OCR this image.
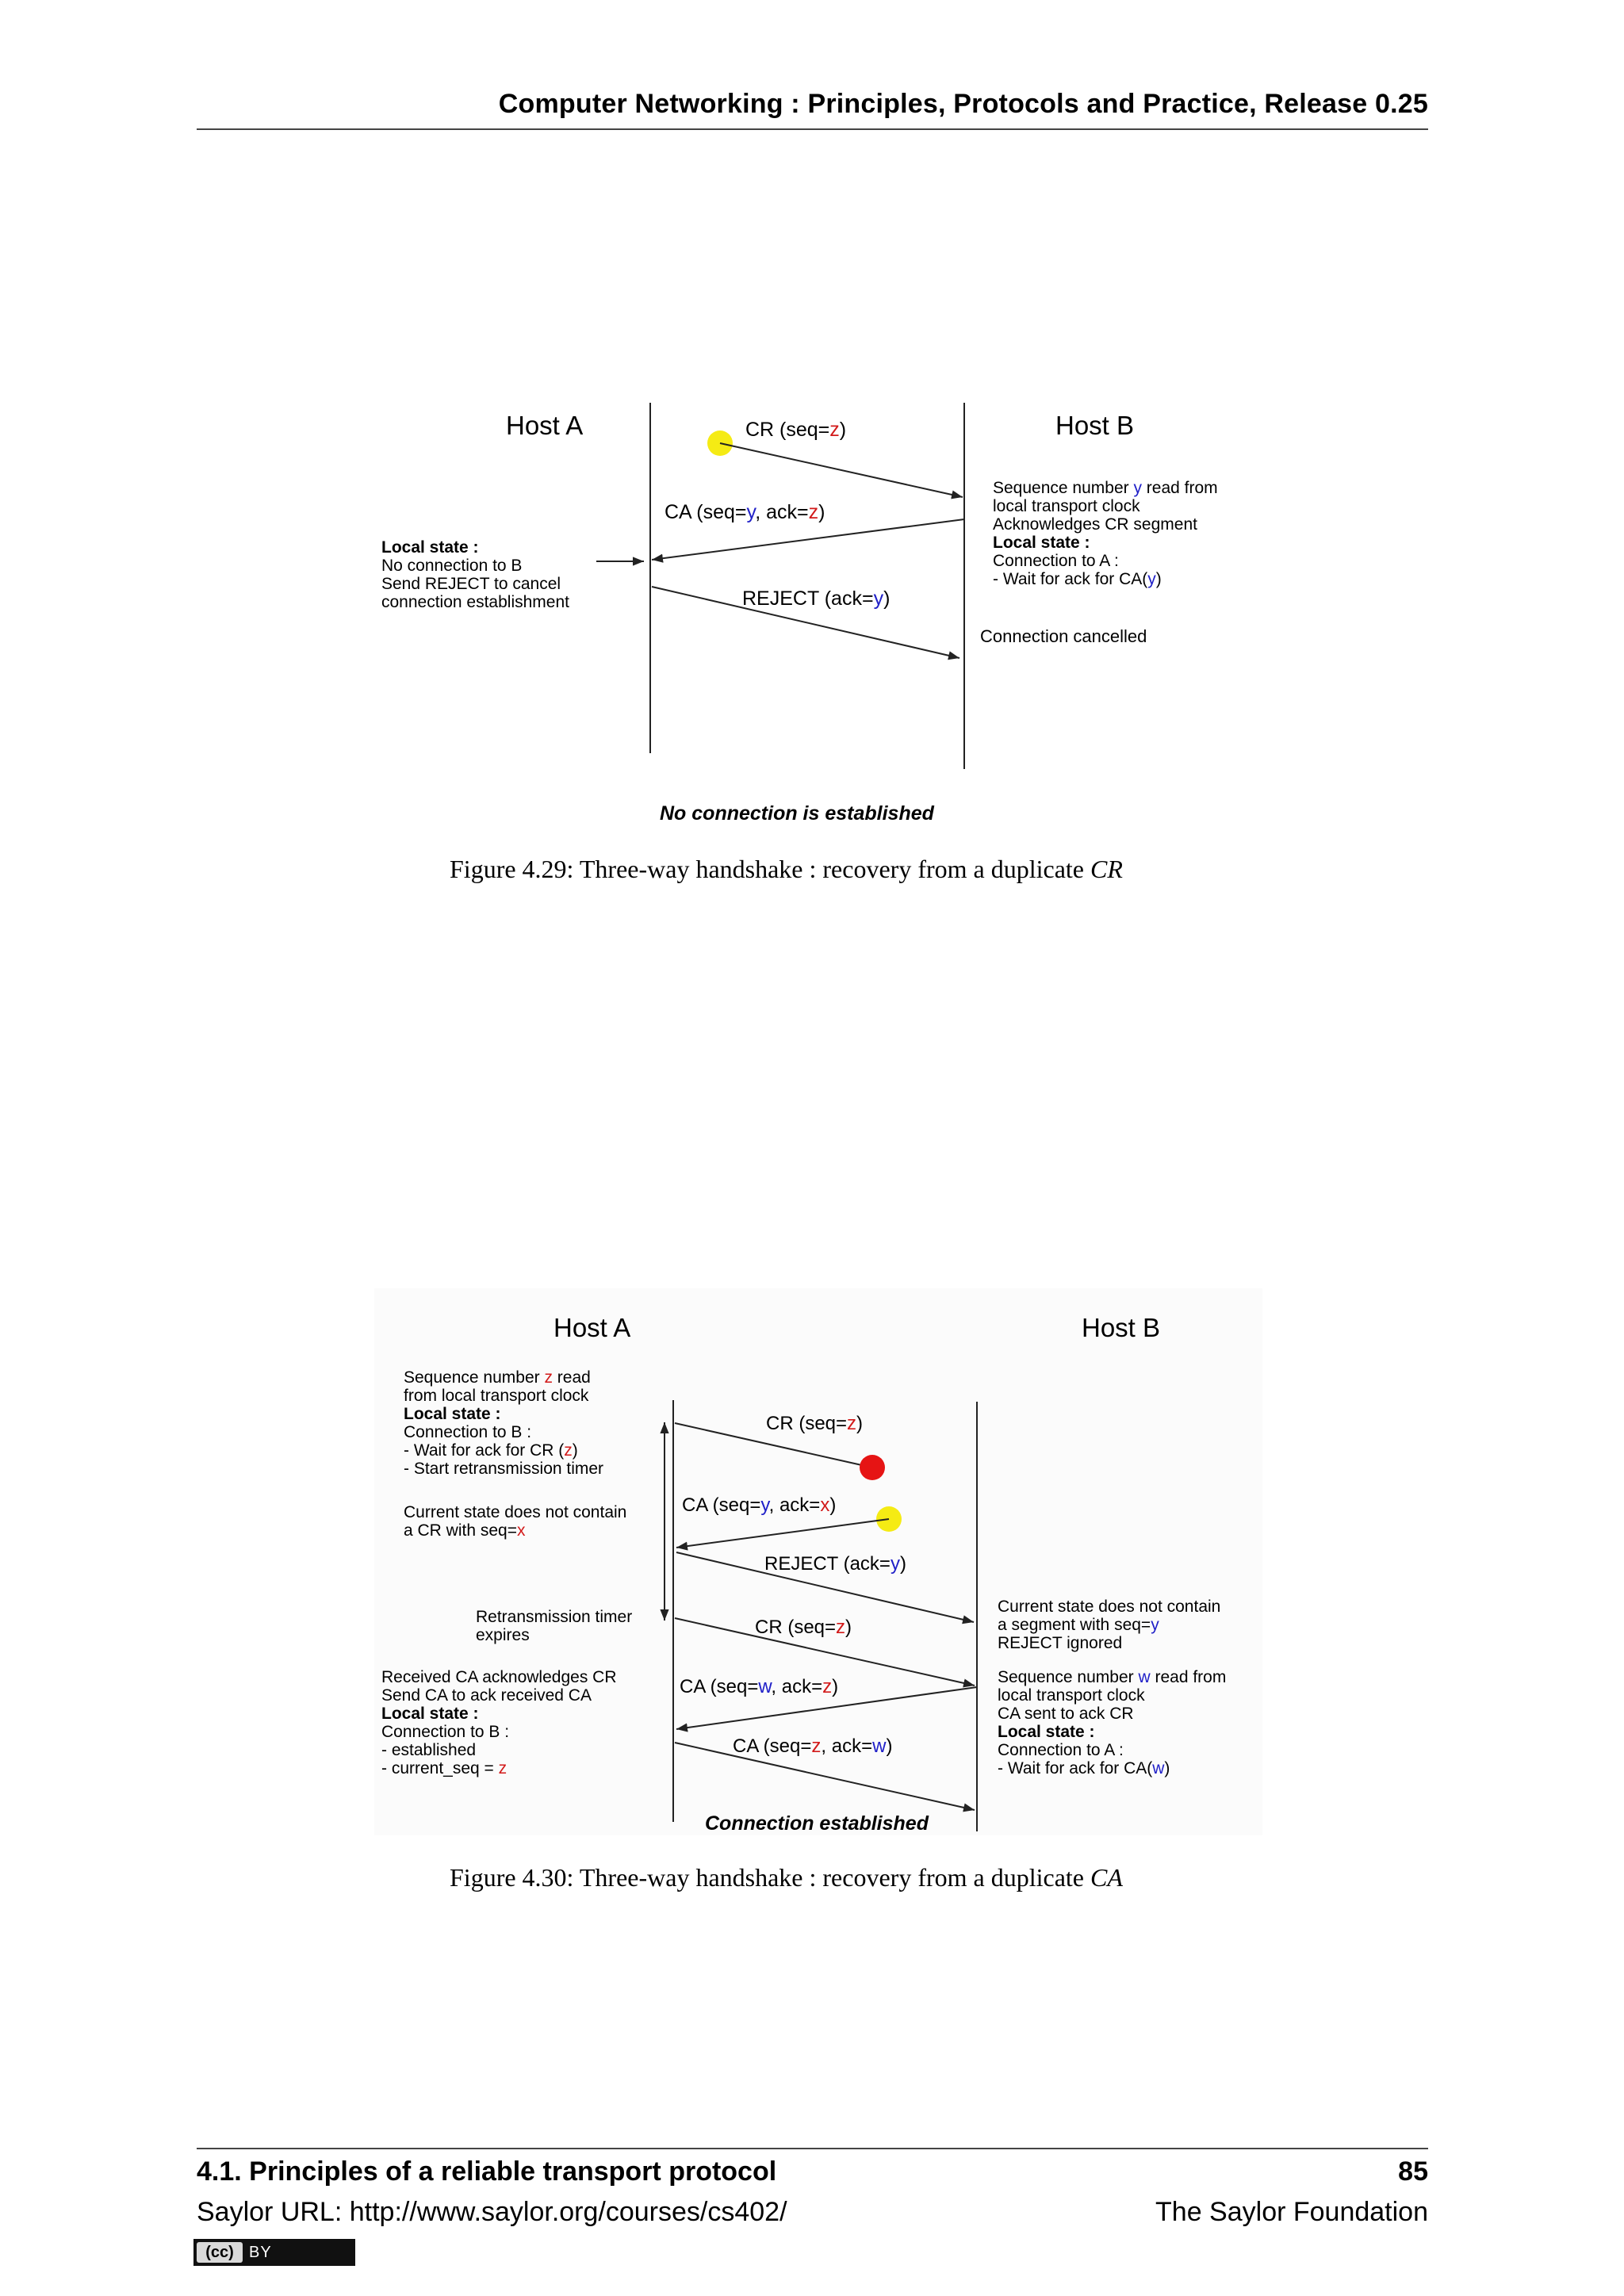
Computer Networking : Principles, Protocols and Practice, Release 0.25
Host A	Host B
CR (seq=z)
CA (seq=y, ack=z)
REJECT (ack=y)
Sequence number y read from
local transport clock
Acknowledges CR segment
Local state :
Connection to A :
- Wait for ack for CA(y)
Local state :
No connection to B
Send REJECT to cancel
connection establishment
Connection cancelled
No connection is established
Host A	Host B
CR (seq=z)
CA (seq=y, ack=x)
REJECT (ack=y)
CR (seq=z)
CA (seq=w, ack=z)
CA (seq=z, ack=w)
Sequence number z read
from local transport clock
Local state :
Connection to B :
- Wait for ack for CR (z)
- Start retransmission timer
Current state does not contain
a CR with seq=x
Retransmission timer
expires
Received CA acknowledges CR
Send CA to ack received CA
Local state :
Connection to B :
- established
- current_seq = z
Current state does not contain
a segment with seq=y
REJECT ignored
Sequence number w read from
local transport clock
CA sent to ack CR
Local state :
Connection to A :
- Wait for ack for CA(w)
Connection established
Figure 4.29: Three-way handshake : recovery from a duplicate CR
Figure 4.30: Three-way handshake : recovery from a duplicate CA
4.1. Principles of a reliable transport protocol	85
Saylor URL: http://www.saylor.org/courses/cs402/	The Saylor Foundation
(cc) BY
